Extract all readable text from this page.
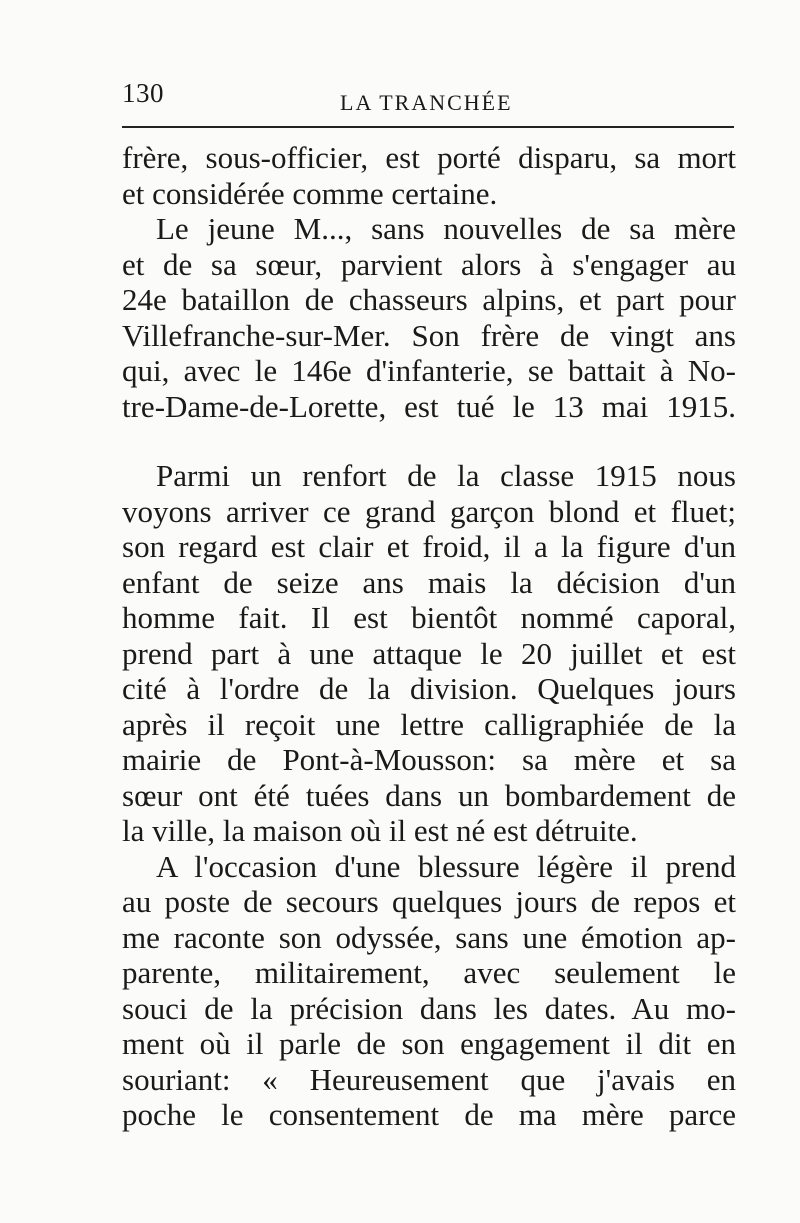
130	LA TRANCHÉE
frère, sous-officier, est porté disparu, sa mort
et considérée comme certaine.
Le jeune M..., sans nouvelles de sa mère
et de sa sœur, parvient alors à s'engager au
24e bataillon de chasseurs alpins, et part pour
Villefranche-sur-Mer. Son frère de vingt ans
qui, avec le 146e d'infanterie, se battait à No-
tre-Dame-de-Lorette, est tué le 13 mai 1915.
Parmi un renfort de la classe 1915 nous
voyons arriver ce grand garçon blond et fluet;
son regard est clair et froid, il a la figure d'un
enfant de seize ans mais la décision d'un
homme fait. Il est bientôt nommé caporal,
prend part à une attaque le 20 juillet et est
cité à l'ordre de la division. Quelques jours
après il reçoit une lettre calligraphiée de la
mairie de Pont-à-Mousson: sa mère et sa
sœur ont été tuées dans un bombardement de
la ville, la maison où il est né est détruite.
A l'occasion d'une blessure légère il prend
au poste de secours quelques jours de repos et
me raconte son odyssée, sans une émotion ap-
parente, militairement, avec seulement le
souci de la précision dans les dates. Au mo-
ment où il parle de son engagement il dit en
souriant: « Heureusement que j'avais en
poche le consentement de ma mère parce
